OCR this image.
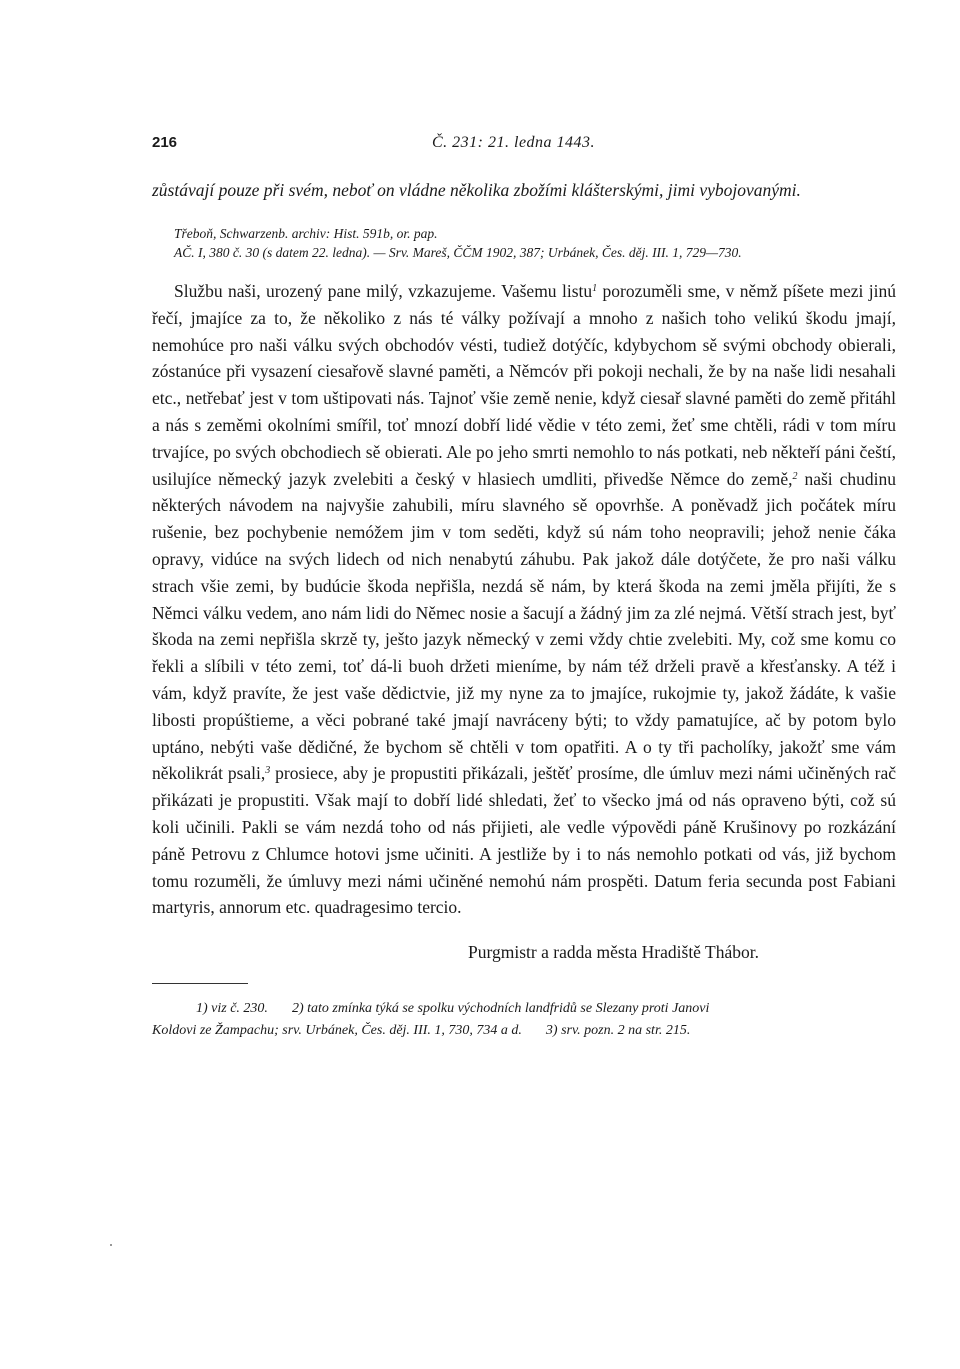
216	Č. 231: 21. ledna 1443.

zůstávají pouze při svém, neboť on vládne několika zbožími klášterskými, jimi vybojovanými.

Třeboň, Schwarzenb. archiv: Hist. 591b, or. pap.
AČ. I, 380 č. 30 (s datem 22. ledna). — Srv. Mareš, ČČM 1902, 387; Urbánek, Čes. děj. III. 1, 729—730.

Službu naši, urozený pane milý, vzkazujeme. Vašemu listu$^1$ porozuměli sme, v němž píšete mezi jinú řečí, jmajíce za to, že několiko z nás té války požívají a mnoho z našich toho velikú škodu jmají, nemohúce pro naši válku svých obchodóv vésti, tudiež dotýčíc, kdybychom sě svými obchody obierali, zóstanúce při vysazení ciesařově slavné paměti, a Němcóv při pokoji nechali, že by na naše lidi nesahali etc., netřebať jest v tom uštipovati nás. Tajnoť všie země nenie, když ciesař slavné paměti do země přitáhl a nás s zeměmi okolními smířil, toť mnozí dobří lidé vědie v této zemi, žeť sme chtěli, rádi v tom míru trvajíce, po svých obchodiech sě obierati. Ale po jeho smrti nemohlo to nás potkati, neb někteří páni čeští, usilujíce německý jazyk zvelebiti a český v hlasiech umdliti, přivedše Němce do země,$^2$ naši chudinu některých návodem na najvyšie zahubili, míru slavného sě opovrhše. A poněvadž jich počátek míru rušenie, bez pochybenie nemóžem jim v tom seděti, když sú nám toho neopravili; jehož nenie čáka opravy, vidúce na svých lidech od nich nenabytú záhubu. Pak jakož dále dotýčete, že pro naši válku strach všie zemi, by budúcie škoda nepřišla, nezdá sě nám, by která škoda na zemi jměla přijíti, že s Němci válku vedem, ano nám lidi do Němec nosie a šacují a žádný jim za zlé nejmá. Větší strach jest, byť škoda na zemi nepřišla skrzě ty, ješto jazyk německý v zemi vždy chtie zvelebiti. My, což sme komu co řekli a slíbili v této zemi, toť dá-li buoh držeti mieníme, by nám též drželi pravě a křesťansky. A též i vám, když pravíte, že jest vaše dědictvie, již my nyne za to jmajíce, rukojmie ty, jakož žádáte, k vašie libosti propúštieme, a věci pobrané také jmají navráceny býti; to vždy pamatujíce, ač by potom bylo uptáno, nebýti vaše dědičné, že bychom sě chtěli v tom opatřiti. A o ty tři pacholíky, jakožť sme vám několikrát psali,$^3$ prosiece, aby je propustiti přikázali, ještěť prosíme, dle úmluv mezi námi učiněných rač přikázati je propustiti. Však mají to dobří lidé shledati, žeť to všecko jmá od nás opraveno býti, což sú koli učinili. Pakli se vám nezdá toho od nás přijieti, ale vedle výpovědi páně Krušinovy po rozkázání páně Petrovu z Chlumce hotovi jsme učiniti. A jestliže by i to nás nemohlo potkati od vás, již bychom tomu rozuměli, že úmluvy mezi námi učiněné nemohú nám prospěti. Datum feria secunda post Fabiani martyris, annorum etc. quadragesimo tercio.

Purgmistr a radda města Hradiště Thábor.
1) viz č. 230. 2) tato zmínka týká se spolku východních landfridů se Slezany proti Janovi
Koldovi ze Žampachu; srv. Urbánek, Čes. děj. III. 1, 730, 734 a d. 3) srv. pozn. 2 na str. 215.
